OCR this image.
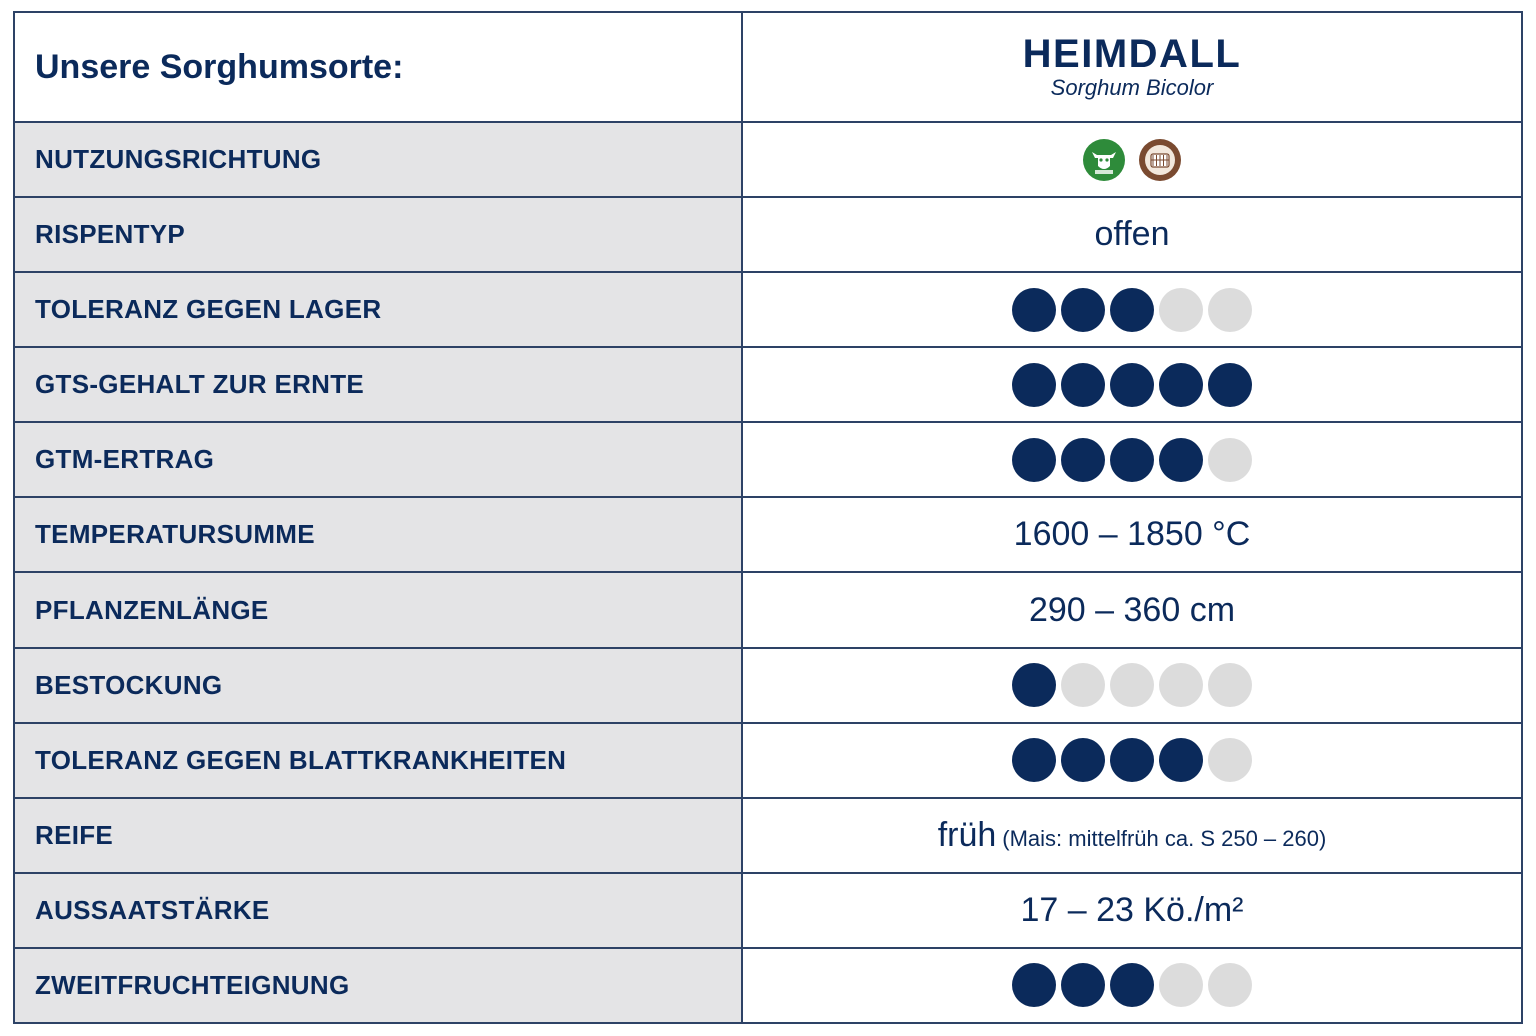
Unsere Sorghumsorte:	HEIMDALL
Sorghum Bicolor
NUTZUNGSRICHTUNG
RISPENTYP	offen
TOLERANZ GEGEN LAGER
GTS-GEHALT ZUR ERNTE
GTM-ERTRAG
TEMPERATURSUMME	1600 – 1850 °C
PFLANZENLÄNGE	290 – 360 cm
BESTOCKUNG
TOLERANZ GEGEN BLATTKRANKHEITEN
REIFE	früh (Mais: mittelfrüh ca. S 250 – 260)
AUSSAATSTÄRKE	17 – 23 Kö./m²
ZWEITFRUCHTEIGNUNG
